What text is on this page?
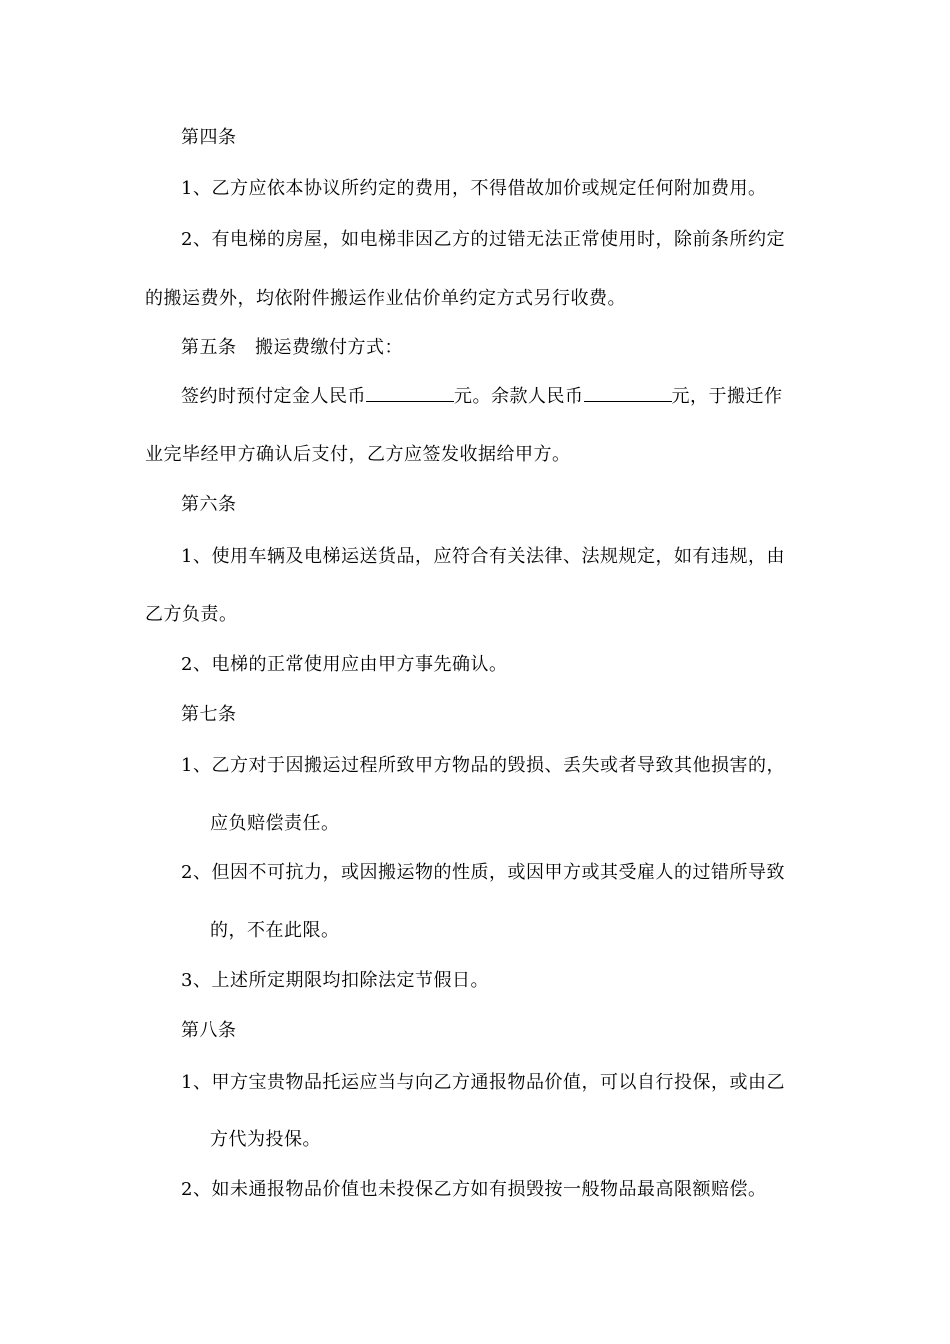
第四条
1、乙方应依本协议所约定的费用，不得借故加价或规定任何附加费用。
2、有电梯的房屋，如电梯非因乙方的过错无法正常使用时，除前条所约定
的搬运费外，均依附件搬运作业估价单约定方式另行收费。
第五条　搬运费缴付方式：
签约时预付定金人民币	元。余款人民币	元，于搬迁作
业完毕经甲方确认后支付，乙方应签发收据给甲方。
第六条
1、使用车辆及电梯运送货品，应符合有关法律、法规规定，如有违规，由
乙方负责。
2、电梯的正常使用应由甲方事先确认。
第七条
1、乙方对于因搬运过程所致甲方物品的毁损、丢失或者导致其他损害的，
应负赔偿责任。
2、但因不可抗力，或因搬运物的性质，或因甲方或其受雇人的过错所导致
的，不在此限。
3、上述所定期限均扣除法定节假日。
第八条
1、甲方宝贵物品托运应当与向乙方通报物品价值，可以自行投保，或由乙
方代为投保。
2、如未通报物品价值也未投保乙方如有损毁按一般物品最高限额赔偿。
